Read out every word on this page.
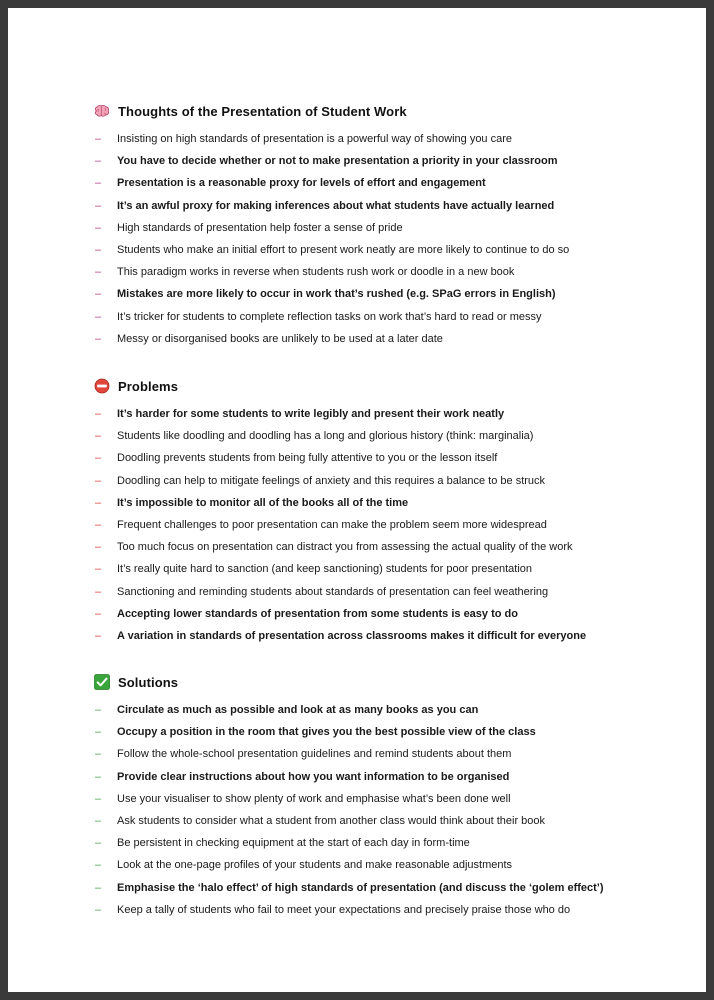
Thoughts of the Presentation of Student Work
–	Insisting on high standards of presentation is a powerful way of showing you care
–	You have to decide whether or not to make presentation a priority in your classroom
–	Presentation is a reasonable proxy for levels of effort and engagement
–	It’s an awful proxy for making inferences about what students have actually learned
–	High standards of presentation help foster a sense of pride
–	Students who make an initial effort to present work neatly are more likely to continue to do so
–	This paradigm works in reverse when students rush work or doodle in a new book
–	Mistakes are more likely to occur in work that’s rushed (e.g. SPaG errors in English)
–	It’s tricker for students to complete reflection tasks on work that’s hard to read or messy
–	Messy or disorganised books are unlikely to be used at a later date
Problems
–	It’s harder for some students to write legibly and present their work neatly
–	Students like doodling and doodling has a long and glorious history (think: marginalia)
–	Doodling prevents students from being fully attentive to you or the lesson itself
–	Doodling can help to mitigate feelings of anxiety and this requires a balance to be struck
–	It’s impossible to monitor all of the books all of the time
–	Frequent challenges to poor presentation can make the problem seem more widespread
–	Too much focus on presentation can distract you from assessing the actual quality of the work
–	It’s really quite hard to sanction (and keep sanctioning) students for poor presentation
–	Sanctioning and reminding students about standards of presentation can feel weathering
–	Accepting lower standards of presentation from some students is easy to do
–	A variation in standards of presentation across classrooms makes it difficult for everyone
Solutions
–	Circulate as much as possible and look at as many books as you can
–	Occupy a position in the room that gives you the best possible view of the class
–	Follow the whole-school presentation guidelines and remind students about them
–	Provide clear instructions about how you want information to be organised
–	Use your visualiser to show plenty of work and emphasise what’s been done well
–	Ask students to consider what a student from another class would think about their book
–	Be persistent in checking equipment at the start of each day in form-time
–	Look at the one-page profiles of your students and make reasonable adjustments
–	Emphasise the ‘halo effect’ of high standards of presentation (and discuss the ‘golem effect’)
–	Keep a tally of students who fail to meet your expectations and precisely praise those who do
